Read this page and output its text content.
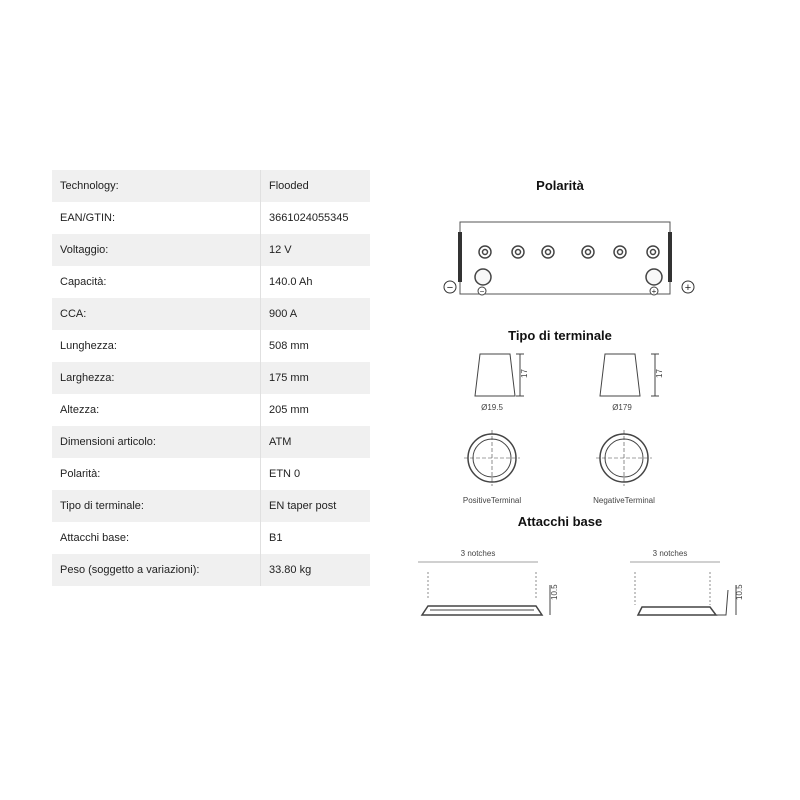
Technology:	Flooded
EAN/GTIN:	3661024055345
Voltaggio:	12 V
Capacità:	140.0 Ah
CCA:	900 A
Lunghezza:	508 mm
Larghezza:	175 mm
Altezza:	205 mm
Dimensioni articolo:	ATM
Polarità:	ETN 0
Tipo di terminale:	EN taper post
Attacchi base:	B1
Peso (soggetto a variazioni):	33.80 kg
Polarità
−	+
−	+
Tipo di terminale
17	17
Ø19.5	Ø179
PositiveTerminal	NegativeTerminal
Attacchi base
3 notches	3 notches
10.5	10.5
